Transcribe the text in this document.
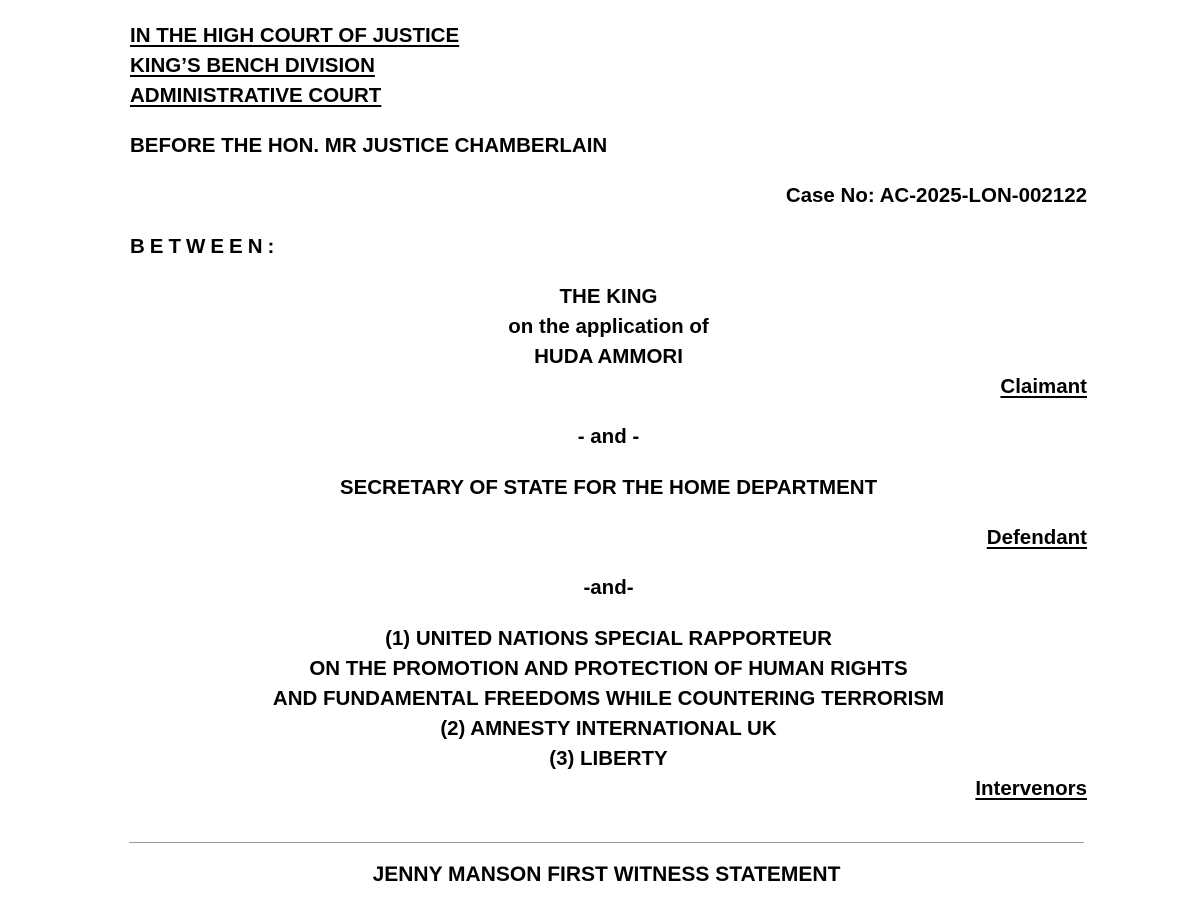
IN THE HIGH COURT OF JUSTICE
KING’S BENCH DIVISION
ADMINISTRATIVE COURT
BEFORE THE HON. MR JUSTICE CHAMBERLAIN
Case No: AC-2025-LON-002122
BETWEEN:
THE KING
on the application of
HUDA AMMORI
Claimant
- and -
SECRETARY OF STATE FOR THE HOME DEPARTMENT
Defendant
-and-
(1) UNITED NATIONS SPECIAL RAPPORTEUR
ON THE PROMOTION AND PROTECTION OF HUMAN RIGHTS
AND FUNDAMENTAL FREEDOMS WHILE COUNTERING TERRORISM
(2) AMNESTY INTERNATIONAL UK
(3) LIBERTY
Intervenors
JENNY MANSON FIRST WITNESS STATEMENT
